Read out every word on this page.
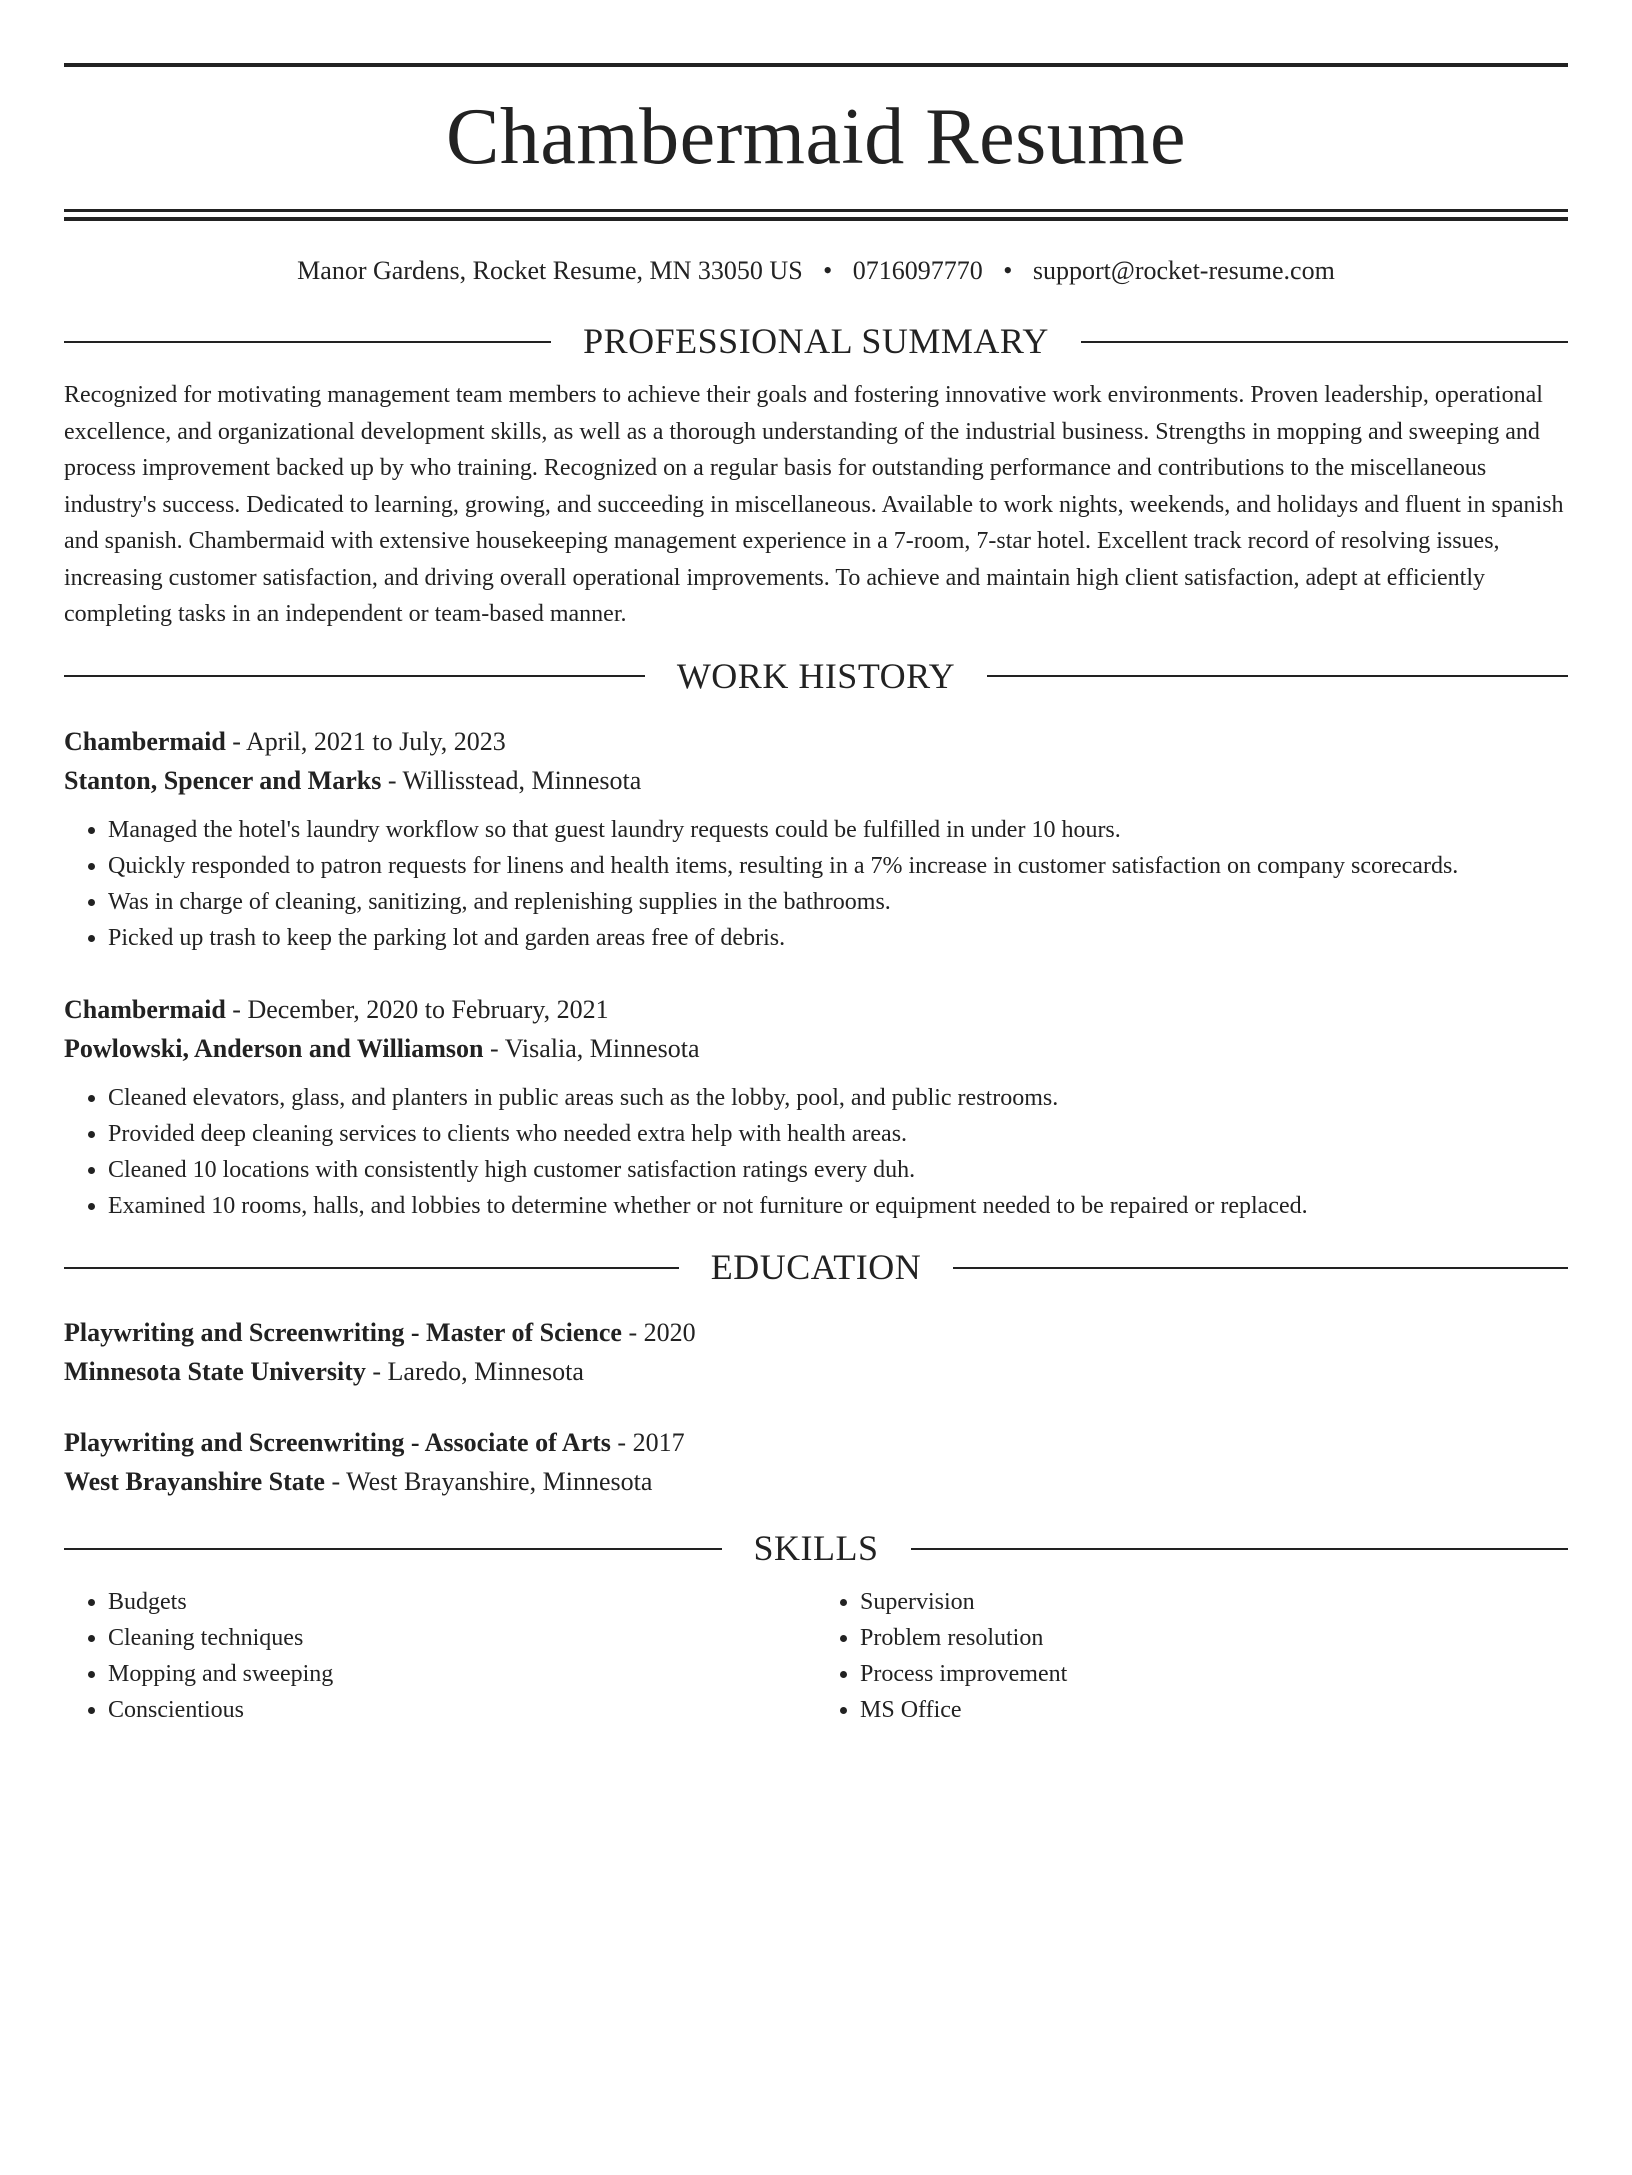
Chambermaid Resume
Manor Gardens, Rocket Resume, MN 33050 US • 0716097770 • support@rocket-resume.com
PROFESSIONAL SUMMARY
Recognized for motivating management team members to achieve their goals and fostering innovative work environments. Proven leadership, operational excellence, and organizational development skills, as well as a thorough understanding of the industrial business. Strengths in mopping and sweeping and process improvement backed up by who training. Recognized on a regular basis for outstanding performance and contributions to the miscellaneous industry's success. Dedicated to learning, growing, and succeeding in miscellaneous. Available to work nights, weekends, and holidays and fluent in spanish and spanish. Chambermaid with extensive housekeeping management experience in a 7-room, 7-star hotel. Excellent track record of resolving issues, increasing customer satisfaction, and driving overall operational improvements. To achieve and maintain high client satisfaction, adept at efficiently completing tasks in an independent or team-based manner.
WORK HISTORY
Chambermaid - April, 2021 to July, 2023
Stanton, Spencer and Marks - Willisstead, Minnesota
• Managed the hotel's laundry workflow so that guest laundry requests could be fulfilled in under 10 hours.
• Quickly responded to patron requests for linens and health items, resulting in a 7% increase in customer satisfaction on company scorecards.
• Was in charge of cleaning, sanitizing, and replenishing supplies in the bathrooms.
• Picked up trash to keep the parking lot and garden areas free of debris.
Chambermaid - December, 2020 to February, 2021
Powlowski, Anderson and Williamson - Visalia, Minnesota
• Cleaned elevators, glass, and planters in public areas such as the lobby, pool, and public restrooms.
• Provided deep cleaning services to clients who needed extra help with health areas.
• Cleaned 10 locations with consistently high customer satisfaction ratings every duh.
• Examined 10 rooms, halls, and lobbies to determine whether or not furniture or equipment needed to be repaired or replaced.
EDUCATION
Playwriting and Screenwriting - Master of Science - 2020
Minnesota State University - Laredo, Minnesota
Playwriting and Screenwriting - Associate of Arts - 2017
West Brayanshire State - West Brayanshire, Minnesota
SKILLS
• Budgets
• Cleaning techniques
• Mopping and sweeping
• Conscientious
• Supervision
• Problem resolution
• Process improvement
• MS Office
